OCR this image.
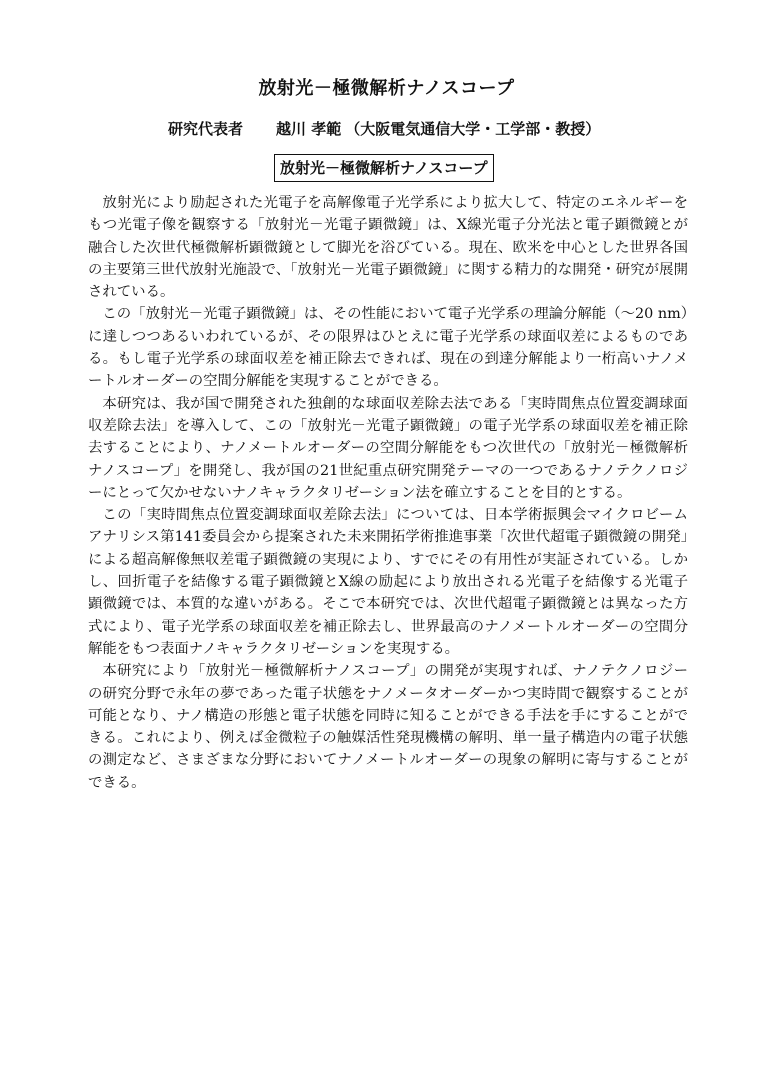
放射光－極微解析ナノスコープ
研究代表者 越川 孝範 （大阪電気通信大学・工学部・教授）
放射光－極微解析ナノスコープ

放射光により励起された光電子を高解像電子光学系により拡大して、特定のエネルギーをもつ光電子像を観察する「放射光－光電子顕微鏡」は、X線光電子分光法と電子顕微鏡とが融合した次世代極微解析顕微鏡として脚光を浴びている。現在、欧米を中心とした世界各国の主要第三世代放射光施設で、「放射光－光電子顕微鏡」に関する精力的な開発・研究が展開されている。

この「放射光－光電子顕微鏡」は、その性能において電子光学系の理論分解能（～20 nm）に達しつつあるいわれているが、その限界はひとえに電子光学系の球面収差によるものである。もし電子光学系の球面収差を補正除去できれば、現在の到達分解能より一桁高いナノメートルオーダーの空間分解能を実現することができる。

本研究は、我が国で開発された独創的な球面収差除去法である「実時間焦点位置変調球面収差除去法」を導入して、この「放射光－光電子顕微鏡」の電子光学系の球面収差を補正除去することにより、ナノメートルオーダーの空間分解能をもつ次世代の「放射光－極微解析ナノスコープ」を開発し、我が国の21世紀重点研究開発テーマの一つであるナノテクノロジーにとって欠かせないナノキャラクタリゼーション法を確立することを目的とする。

この「実時間焦点位置変調球面収差除去法」については、日本学術振興会マイクロビームアナリシス第141委員会から提案された未来開拓学術推進事業「次世代超電子顕微鏡の開発」による超高解像無収差電子顕微鏡の実現により、すでにその有用性が実証されている。しかし、回折電子を結像する電子顕微鏡とX線の励起により放出される光電子を結像する光電子顕微鏡では、本質的な違いがある。そこで本研究では、次世代超電子顕微鏡とは異なった方式により、電子光学系の球面収差を補正除去し、世界最高のナノメートルオーダーの空間分解能をもつ表面ナノキャラクタリゼーションを実現する。

本研究により「放射光－極微解析ナノスコープ」の開発が実現すれば、ナノテクノロジーの研究分野で永年の夢であった電子状態をナノメータオーダーかつ実時間で観察することが可能となり、ナノ構造の形態と電子状態を同時に知ることができる手法を手にすることができる。これにより、例えば金微粒子の触媒活性発現機構の解明、単一量子構造内の電子状態の測定など、さまざまな分野においてナノメートルオーダーの現象の解明に寄与することができる。
